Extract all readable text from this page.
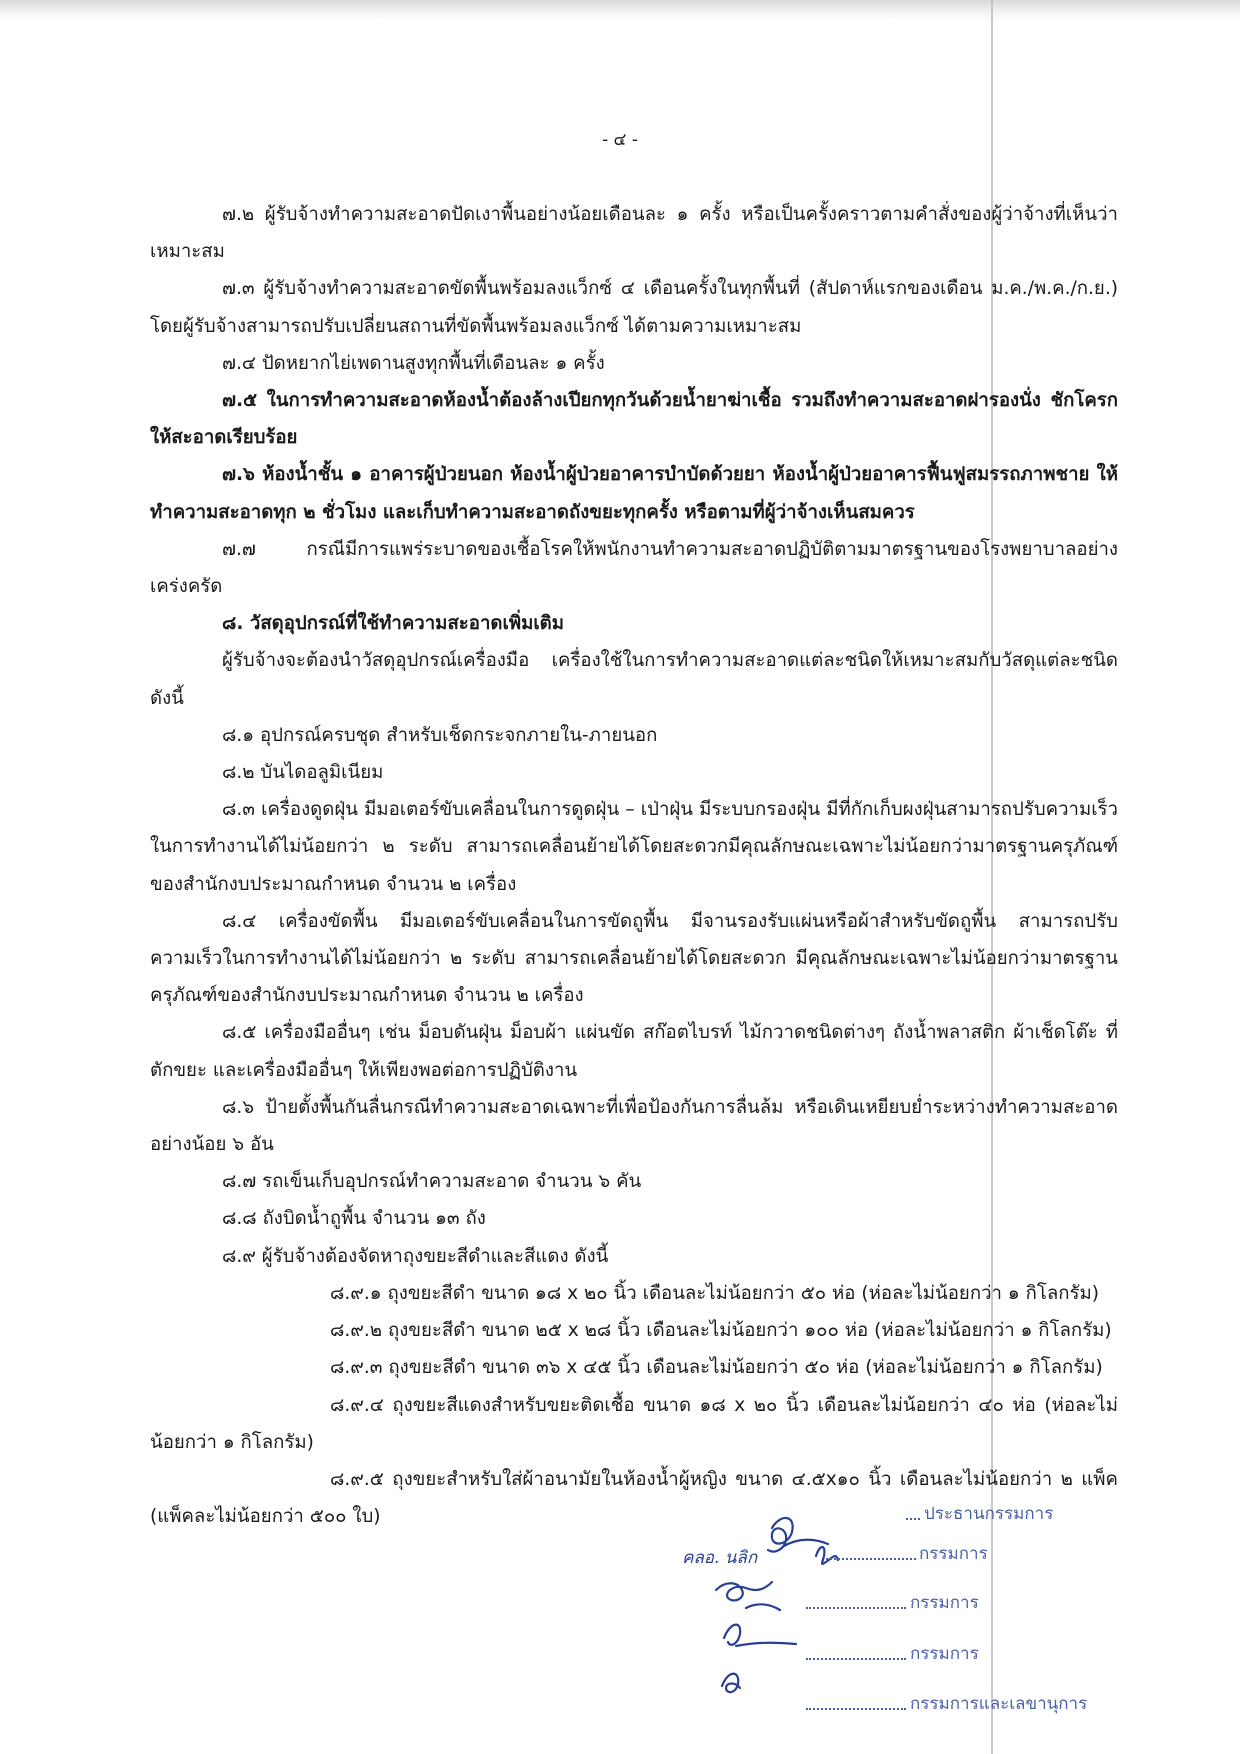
- ๔ -

๗.๒ ผู้รับจ้างทำความสะอาดปัดเงาพื้นอย่างน้อยเดือนละ ๑ ครั้ง หรือเป็นครั้งคราวตามคำสั่งของผู้ว่าจ้างที่เห็นว่าเหมาะสม

๗.๓ ผู้รับจ้างทำความสะอาดขัดพื้นพร้อมลงแว็กซ์ ๔ เดือนครั้งในทุกพื้นที่ (สัปดาห์แรกของเดือน ม.ค./พ.ค./ก.ย.) โดยผู้รับจ้างสามารถปรับเปลี่ยนสถานที่ขัดพื้นพร้อมลงแว็กซ์ ได้ตามความเหมาะสม

๗.๔ ปัดหยากไย่เพดานสูงทุกพื้นที่เดือนละ ๑ ครั้ง

๗.๕ ในการทำความสะอาดห้องน้ำต้องล้างเปียกทุกวันด้วยน้ำยาฆ่าเชื้อ รวมถึงทำความสะอาดฝารองนั่ง ชักโครกให้สะอาดเรียบร้อย

๗.๖ ห้องน้ำชั้น ๑ อาคารผู้ป่วยนอก ห้องน้ำผู้ป่วยอาคารบำบัดด้วยยา ห้องน้ำผู้ป่วยอาคารฟื้นฟูสมรรถภาพชาย ให้ทำความสะอาดทุก ๒ ชั่วโมง และเก็บทำความสะอาดถังขยะทุกครั้ง หรือตามที่ผู้ว่าจ้างเห็นสมควร

๗.๗ กรณีมีการแพร่ระบาดของเชื้อโรคให้พนักงานทำความสะอาดปฏิบัติตามมาตรฐานของโรงพยาบาลอย่างเคร่งครัด

๘. วัสดุอุปกรณ์ที่ใช้ทำความสะอาดเพิ่มเติม

ผู้รับจ้างจะต้องนำวัสดุอุปกรณ์เครื่องมือ เครื่องใช้ในการทำความสะอาดแต่ละชนิดให้เหมาะสมกับวัสดุแต่ละชนิด ดังนี้

๘.๑ อุปกรณ์ครบชุด สำหรับเช็ดกระจกภายใน-ภายนอก

๘.๒ บันไดอลูมิเนียม

๘.๓ เครื่องดูดฝุ่น มีมอเตอร์ขับเคลื่อนในการดูดฝุ่น – เป่าฝุ่น มีระบบกรองฝุ่น มีที่กักเก็บผงฝุ่นสามารถปรับความเร็วในการทำงานได้ไม่น้อยกว่า ๒ ระดับ สามารถเคลื่อนย้ายได้โดยสะดวกมีคุณลักษณะเฉพาะไม่น้อยกว่ามาตรฐานครุภัณฑ์ของสำนักงบประมาณกำหนด จำนวน ๒ เครื่อง

๘.๔ เครื่องขัดพื้น มีมอเตอร์ขับเคลื่อนในการขัดถูพื้น มีจานรองรับแผ่นหรือผ้าสำหรับขัดถูพื้น สามารถปรับความเร็วในการทำงานได้ไม่น้อยกว่า ๒ ระดับ สามารถเคลื่อนย้ายได้โดยสะดวก มีคุณลักษณะเฉพาะไม่น้อยกว่ามาตรฐานครุภัณฑ์ของสำนักงบประมาณกำหนด จำนวน ๒ เครื่อง

๘.๕ เครื่องมืออื่นๆ เช่น ม็อบดันฝุ่น ม็อบผ้า แผ่นขัด สก๊อตไบรท์ ไม้กวาดชนิดต่างๆ ถังน้ำพลาสติก ผ้าเช็ดโต๊ะ ที่ตักขยะ และเครื่องมืออื่นๆ ให้เพียงพอต่อการปฏิบัติงาน

๘.๖ ป้ายตั้งพื้นกันลื่นกรณีทำความสะอาดเฉพาะที่เพื่อป้องกันการลื่นล้ม หรือเดินเหยียบย่ำระหว่างทำความสะอาด อย่างน้อย ๖ อัน

๘.๗ รถเข็นเก็บอุปกรณ์ทำความสะอาด จำนวน ๖ คัน

๘.๘ ถังบิดน้ำถูพื้น จำนวน ๑๓ ถัง

๘.๙ ผู้รับจ้างต้องจัดหาถุงขยะสีดำและสีแดง ดังนี้

๘.๙.๑ ถุงขยะสีดำ ขนาด ๑๘ x ๒๐ นิ้ว เดือนละไม่น้อยกว่า ๕๐ ห่อ (ห่อละไม่น้อยกว่า ๑ กิโลกรัม)

๘.๙.๒ ถุงขยะสีดำ ขนาด ๒๕ x ๒๘ นิ้ว เดือนละไม่น้อยกว่า ๑๐๐ ห่อ (ห่อละไม่น้อยกว่า ๑ กิโลกรัม)

๘.๙.๓ ถุงขยะสีดำ ขนาด ๓๖ x ๔๕ นิ้ว เดือนละไม่น้อยกว่า ๕๐ ห่อ (ห่อละไม่น้อยกว่า ๑ กิโลกรัม)

๘.๙.๔ ถุงขยะสีแดงสำหรับขยะติดเชื้อ ขนาด ๑๘ x ๒๐ นิ้ว เดือนละไม่น้อยกว่า ๔๐ ห่อ (ห่อละไม่น้อยกว่า ๑ กิโลกรัม)

๘.๙.๕ ถุงขยะสำหรับใส่ผ้าอนามัยในห้องน้ำผู้หญิง ขนาด ๔.๕x๑๐ นิ้ว เดือนละไม่น้อยกว่า ๒ แพ็ค (แพ็คละไม่น้อยกว่า ๕๐๐ ใบ)

คลอ. นลิก
ประธานกรรมการ
กรรมการ
กรรมการ
กรรมการ
กรรมการและเลขานุการ
